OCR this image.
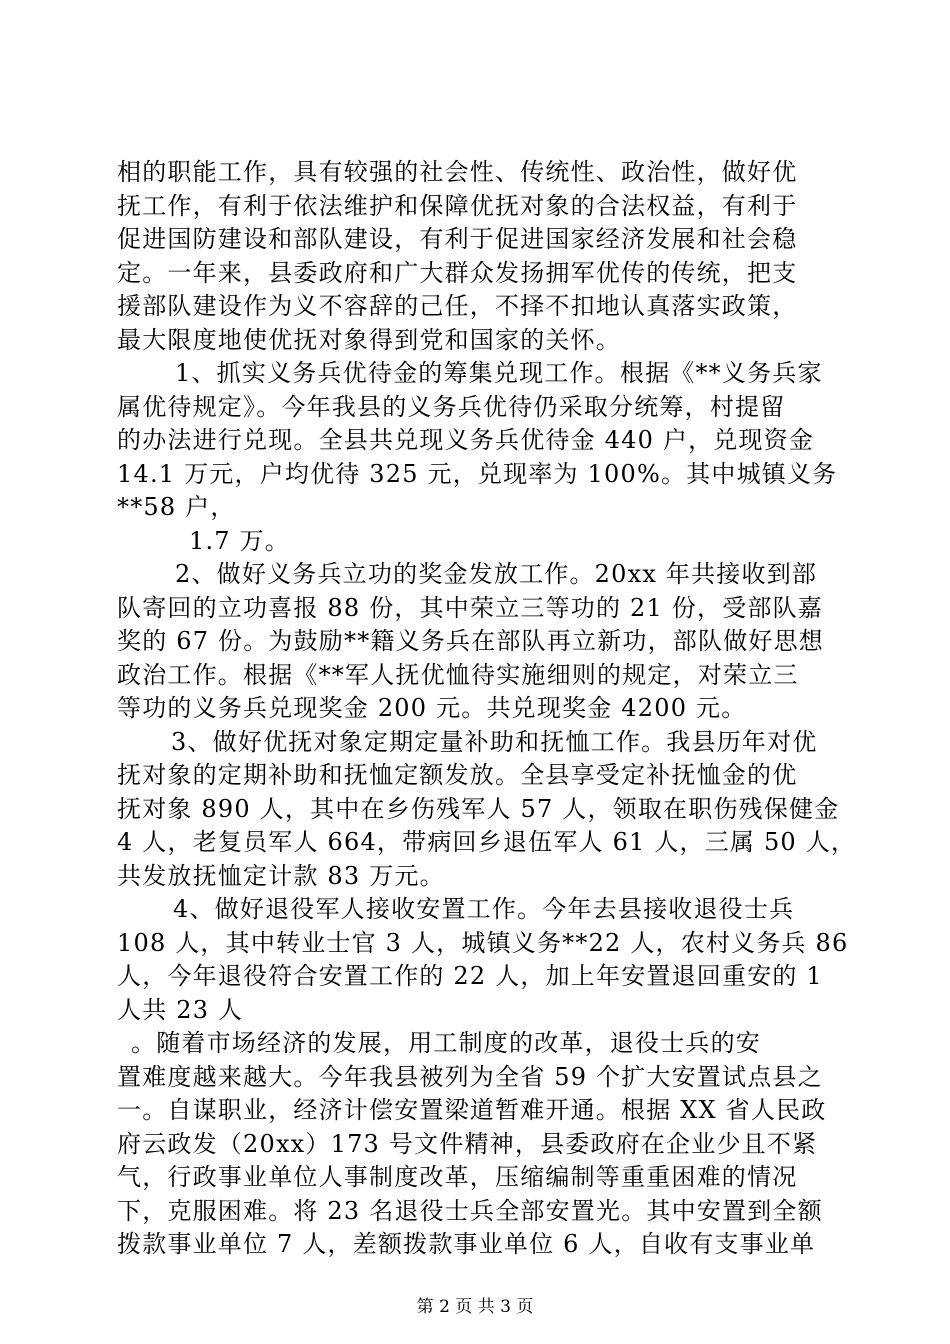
相的职能工作，具有较强的社会性、传统性、政治性，做好优
抚工作，有利于依法维护和保障优抚对象的合法权益，有利于
促进国防建设和部队建设，有利于促进国家经济发展和社会稳
定。一年来，县委政府和广大群众发扬拥军优传的传统，把支
援部队建设作为义不容辞的己任，不择不扣地认真落实政策，
最大限度地使优抚对象得到党和国家的关怀。
1、抓实义务兵优待金的筹集兑现工作。根据《**义务兵家
属优待规定》。今年我县的义务兵优待仍采取分统筹，村提留
的办法进行兑现。全县共兑现义务兵优待金 440 户，兑现资金
14.1 万元，户均优待 325 元，兑现率为 100%。其中城镇义务
**58 户，
1.7 万。
2、做好义务兵立功的奖金发放工作。20xx 年共接收到部
队寄回的立功喜报 88 份，其中荣立三等功的 21 份，受部队嘉
奖的 67 份。为鼓励**籍义务兵在部队再立新功，部队做好思想
政治工作。根据《**军人抚优恤待实施细则的规定，对荣立三
等功的义务兵兑现奖金 200 元。共兑现奖金 4200 元。
3、做好优抚对象定期定量补助和抚恤工作。我县历年对优
抚对象的定期补助和抚恤定额发放。全县享受定补抚恤金的优
抚对象 890 人，其中在乡伤残军人 57 人，领取在职伤残保健金
4 人，老复员军人 664，带病回乡退伍军人 61 人，三属 50 人，
共发放抚恤定计款 83 万元。
4、做好退役军人接收安置工作。今年去县接收退役士兵
108 人，其中转业士官 3 人，城镇义务**22 人，农村义务兵 86
人，今年退役符合安置工作的 22 人，加上年安置退回重安的 1
人共 23 人
。随着市场经济的发展，用工制度的改革，退役士兵的安
置难度越来越大。今年我县被列为全省 59 个扩大安置试点县之
一。自谋职业，经济计偿安置梁道暂难开通。根据 XX 省人民政
府云政发（20xx）173 号文件精神，县委政府在企业少且不紧
气，行政事业单位人事制度改革，压缩编制等重重困难的情况
下，克服困难。将 23 名退役士兵全部安置光。其中安置到全额
拨款事业单位 7 人，差额拨款事业单位 6 人，自收有支事业单
第 2 页 共 3 页
